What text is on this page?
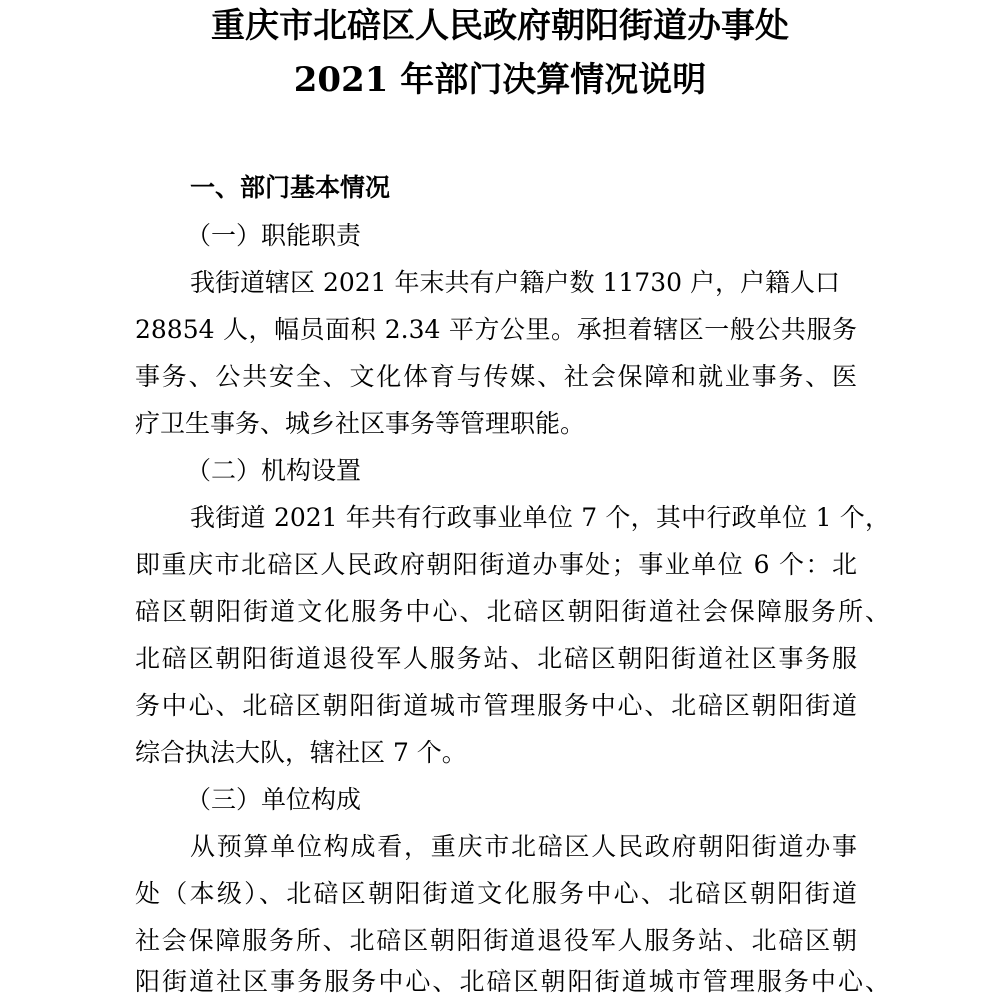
重庆市北碚区人民政府朝阳街道办事处
2021 年部门决算情况说明
一、部门基本情况
（一）职能职责
我街道辖区 2021 年末共有户籍户数 11730 户，户籍人口
28854 人，幅员面积 2.34 平方公里。承担着辖区一般公共服务
事务、公共安全、文化体育与传媒、社会保障和就业事务、医
疗卫生事务、城乡社区事务等管理职能。
（二）机构设置
我街道 2021 年共有行政事业单位 7 个，其中行政单位 1 个，
即重庆市北碚区人民政府朝阳街道办事处；事业单位 6 个：北
碚区朝阳街道文化服务中心、北碚区朝阳街道社会保障服务所、
北碚区朝阳街道退役军人服务站、北碚区朝阳街道社区事务服
务中心、北碚区朝阳街道城市管理服务中心、北碚区朝阳街道
综合执法大队，辖社区 7 个。
（三）单位构成
从预算单位构成看，重庆市北碚区人民政府朝阳街道办事
处（本级）、北碚区朝阳街道文化服务中心、北碚区朝阳街道
社会保障服务所、北碚区朝阳街道退役军人服务站、北碚区朝
阳街道社区事务服务中心、北碚区朝阳街道城市管理服务中心、
